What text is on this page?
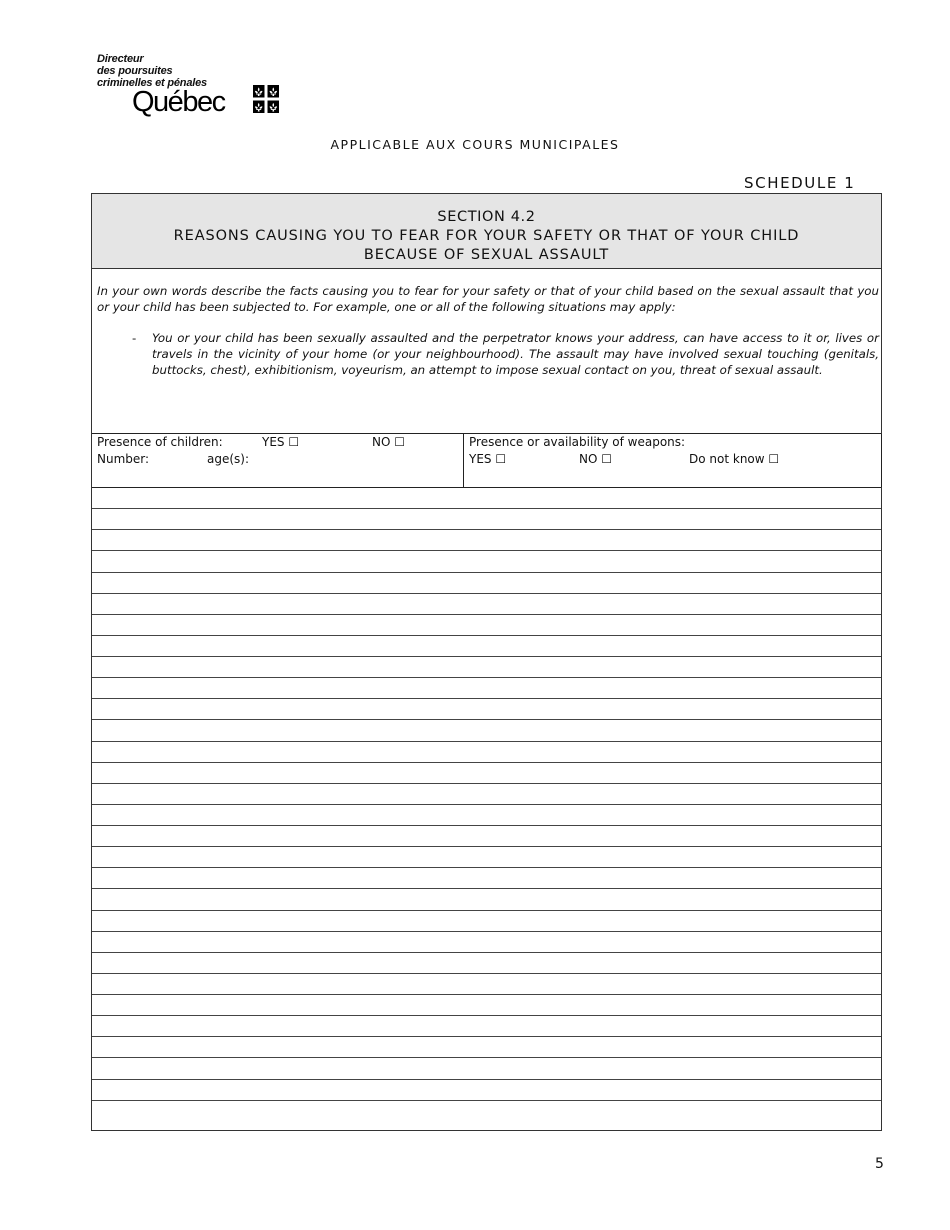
Directeur
des poursuites
criminelles et pénales
Québec
APPLICABLE AUX COURS MUNICIPALES
SCHEDULE 1
SECTION 4.2
REASONS CAUSING YOU TO FEAR FOR YOUR SAFETY OR THAT OF YOUR CHILD
BECAUSE OF SEXUAL ASSAULT
In your own words describe the facts causing you to fear for your safety or that of your child based on the sexual assault that you or your child has been subjected to. For example, one or all of the following situations may apply:
- You or your child has been sexually assaulted and the perpetrator knows your address, can have access to it or, lives or travels in the vicinity of your home (or your neighbourhood). The assault may have involved sexual touching (genitals, buttocks, chest), exhibitionism, voyeurism, an attempt to impose sexual contact on you, threat of sexual assault.
Presence of children:	YES ☐	NO ☐
Number:	age(s):
Presence or availability of weapons:
YES ☐	NO ☐	Do not know ☐
5
